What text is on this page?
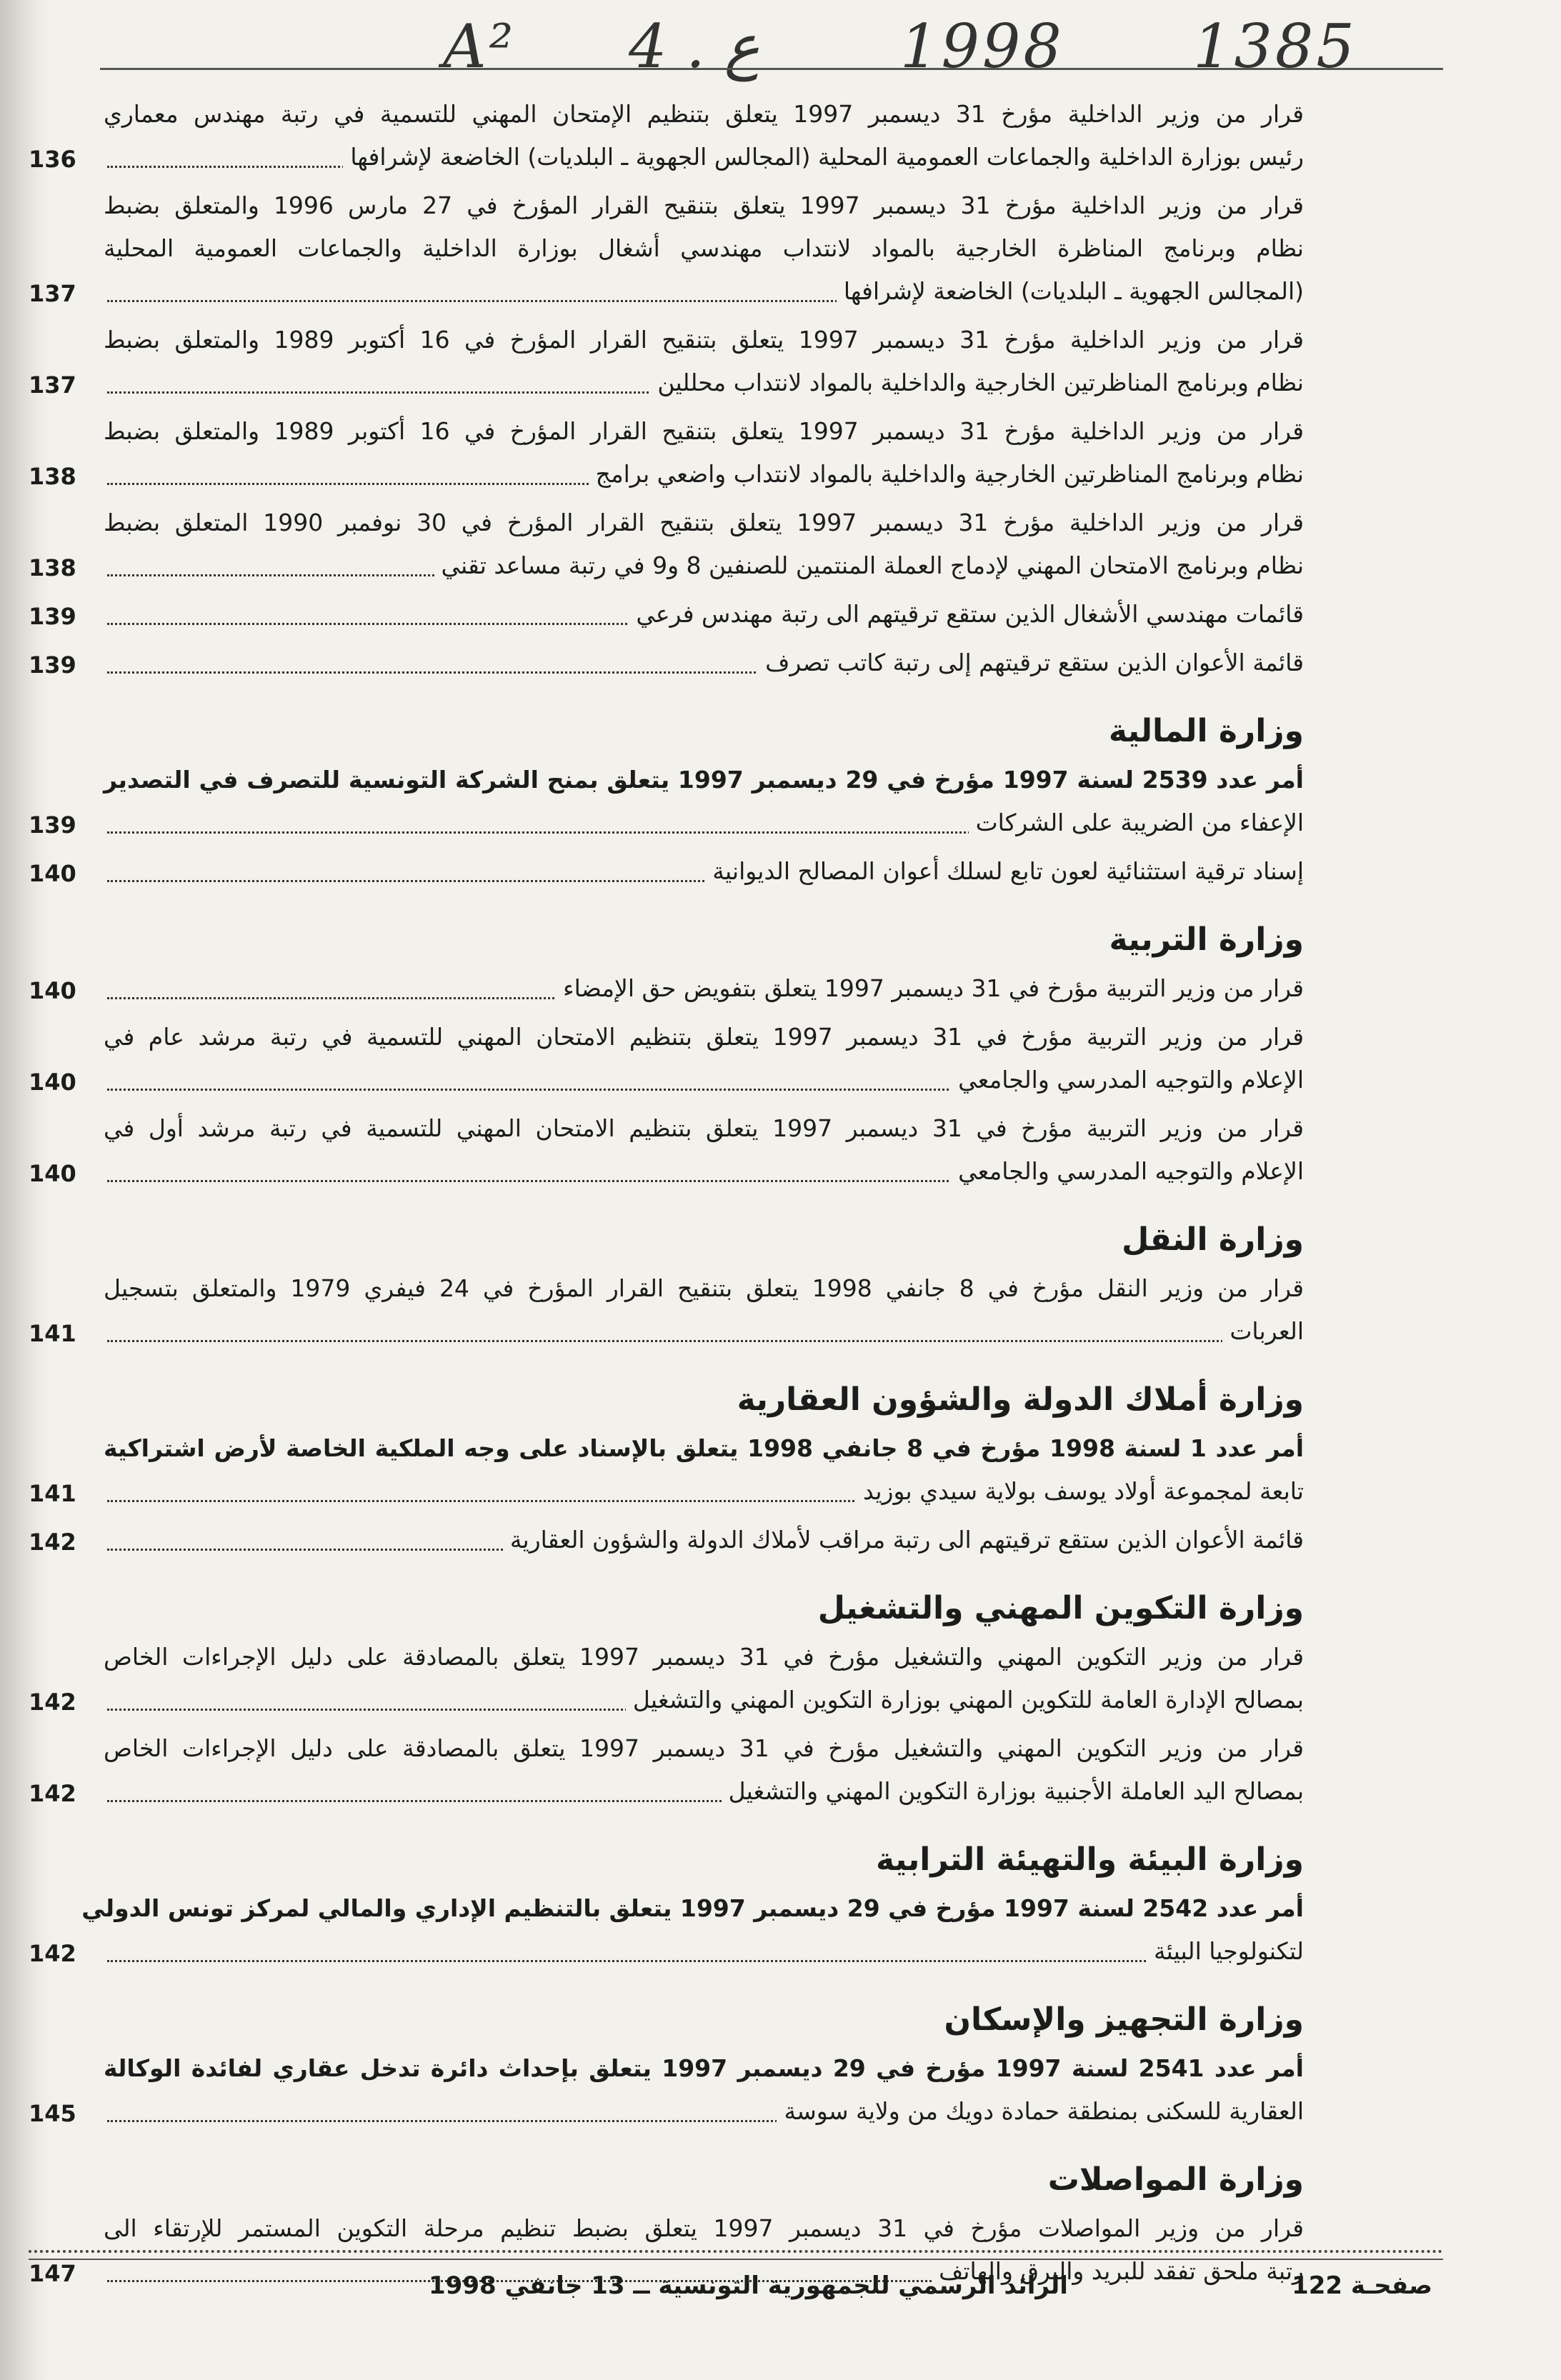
A² 4 . ع 1998 1385
قرار من وزير الداخلية مؤرخ 31 ديسمبر 1997 يتعلق بتنظيم الإمتحان المهني للتسمية في رتبة مهندس معماري
رئيس بوزارة الداخلية والجماعات العمومية المحلية (المجالس الجهوية ـ البلديات) الخاضعة لإشرافها
136
قرار من وزير الداخلية مؤرخ 31 ديسمبر 1997 يتعلق بتنقيح القرار المؤرخ في 27 مارس 1996 والمتعلق بضبط
نظام وبرنامج المناظرة الخارجية بالمواد لانتداب مهندسي أشغال بوزارة الداخلية والجماعات العمومية المحلية
(المجالس الجهوية ـ البلديات) الخاضعة لإشرافها
137
قرار من وزير الداخلية مؤرخ 31 ديسمبر 1997 يتعلق بتنقيح القرار المؤرخ في 16 أكتوبر 1989 والمتعلق بضبط
نظام وبرنامج المناظرتين الخارجية والداخلية بالمواد لانتداب محللين
137
قرار من وزير الداخلية مؤرخ 31 ديسمبر 1997 يتعلق بتنقيح القرار المؤرخ في 16 أكتوبر 1989 والمتعلق بضبط
نظام وبرنامج المناظرتين الخارجية والداخلية بالمواد لانتداب واضعي برامج
138
قرار من وزير الداخلية مؤرخ 31 ديسمبر 1997 يتعلق بتنقيح القرار المؤرخ في 30 نوفمبر 1990 المتعلق بضبط
نظام وبرنامج الامتحان المهني لإدماج العملة المنتمين للصنفين 8 و9 في رتبة مساعد تقني
138
قائمات مهندسي الأشغال الذين ستقع ترقيتهم الى رتبة مهندس فرعي
139
قائمة الأعوان الذين ستقع ترقيتهم إلى رتبة كاتب تصرف
139
وزارة المالية
أمر عدد 2539 لسنة 1997 مؤرخ في 29 ديسمبر 1997 يتعلق بمنح الشركة التونسية للتصرف في التصدير
الإعفاء من الضريبة على الشركات
139
إسناد ترقية استثنائية لعون تابع لسلك أعوان المصالح الديوانية
140
وزارة التربية
قرار من وزير التربية مؤرخ في 31 ديسمبر 1997 يتعلق بتفويض حق الإمضاء
140
قرار من وزير التربية مؤرخ في 31 ديسمبر 1997 يتعلق بتنظيم الامتحان المهني للتسمية في رتبة مرشد عام في
الإعلام والتوجيه المدرسي والجامعي
140
قرار من وزير التربية مؤرخ في 31 ديسمبر 1997 يتعلق بتنظيم الامتحان المهني للتسمية في رتبة مرشد أول في
الإعلام والتوجيه المدرسي والجامعي
140
وزارة النقل
قرار من وزير النقل مؤرخ في 8 جانفي 1998 يتعلق بتنقيح القرار المؤرخ في 24 فيفري 1979 والمتعلق بتسجيل
العربات
141
وزارة أملاك الدولة والشؤون العقارية
أمر عدد 1 لسنة 1998 مؤرخ في 8 جانفي 1998 يتعلق بالإسناد على وجه الملكية الخاصة لأرض اشتراكية
تابعة لمجموعة أولاد يوسف بولاية سيدي بوزيد
141
قائمة الأعوان الذين ستقع ترقيتهم الى رتبة مراقب لأملاك الدولة والشؤون العقارية
142
وزارة التكوين المهني والتشغيل
قرار من وزير التكوين المهني والتشغيل مؤرخ في 31 ديسمبر 1997 يتعلق بالمصادقة على دليل الإجراءات الخاص
بمصالح الإدارة العامة للتكوين المهني بوزارة التكوين المهني والتشغيل
142
قرار من وزير التكوين المهني والتشغيل مؤرخ في 31 ديسمبر 1997 يتعلق بالمصادقة على دليل الإجراءات الخاص
بمصالح اليد العاملة الأجنبية بوزارة التكوين المهني والتشغيل
142
وزارة البيئة والتهيئة الترابية
أمر عدد 2542 لسنة 1997 مؤرخ في 29 ديسمبر 1997 يتعلق بالتنظيم الإداري والمالي لمركز تونس الدولي
لتكنولوجيا البيئة
142
وزارة التجهيز والإسكان
أمر عدد 2541 لسنة 1997 مؤرخ في 29 ديسمبر 1997 يتعلق بإحداث دائرة تدخل عقاري لفائدة الوكالة
العقارية للسكنى بمنطقة حمادة دويك من ولاية سوسة
145
وزارة المواصلات
قرار من وزير المواصلات مؤرخ في 31 ديسمبر 1997 يتعلق بضبط تنظيم مرحلة التكوين المستمر للإرتقاء الى
رتبة ملحق تفقد للبريد والبرق والهاتف
147	صفحـة 122
الرائد الرسمي للجمهورية التونسية ــ 13 جانفي 1998
